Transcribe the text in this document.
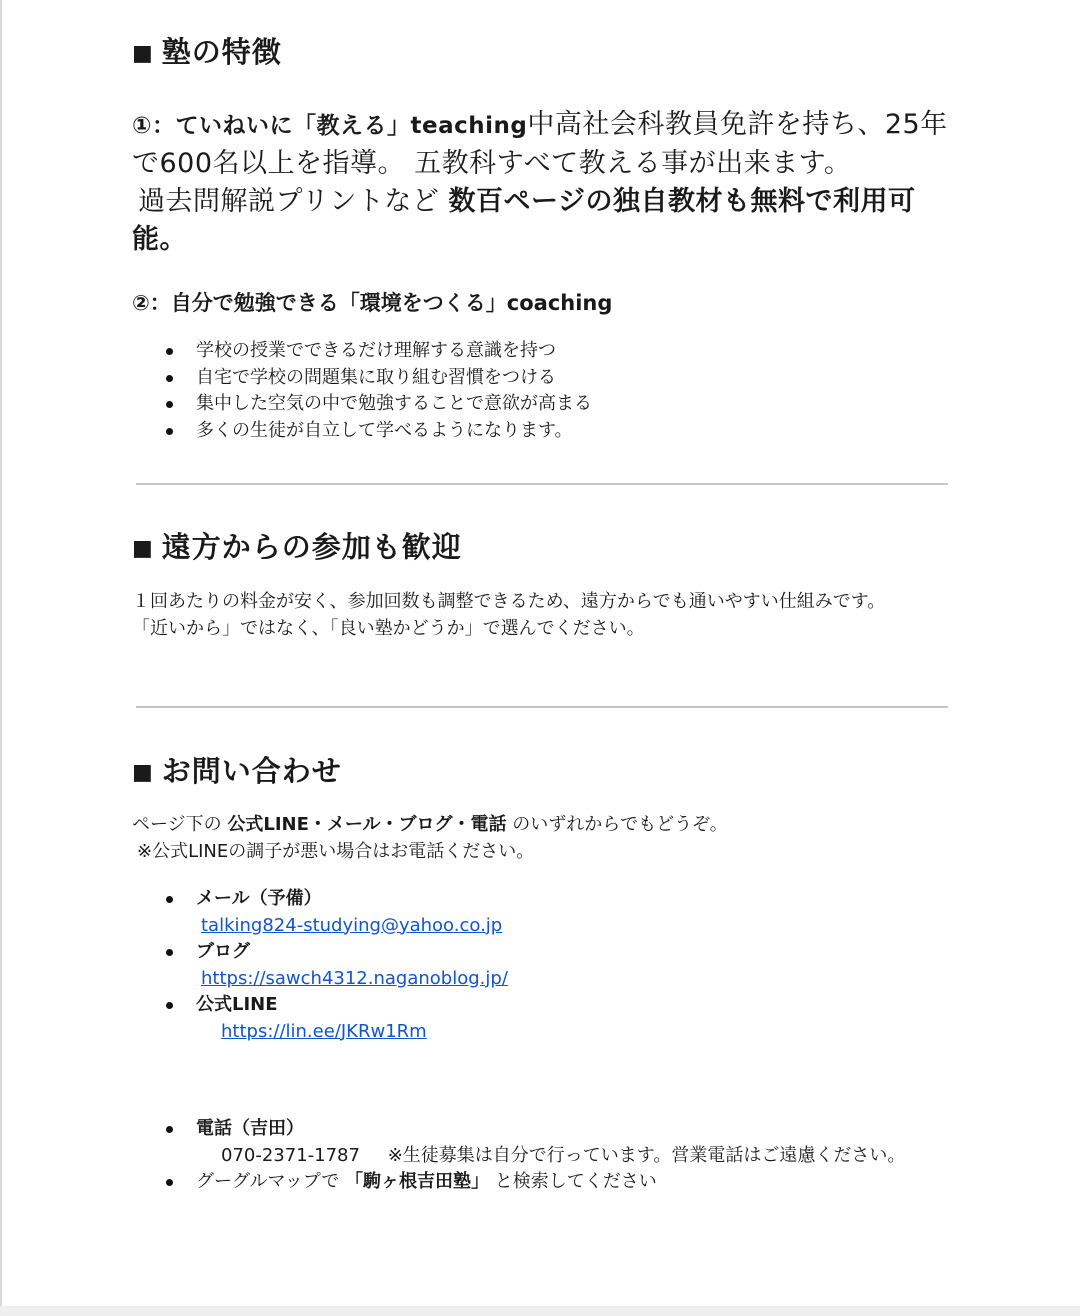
■ 塾の特徴

①：ていねいに「教える」teaching中高社会科教員免許を持ち、25年で600名以上を指導。 五教科すべて教える事が出来ます。
過去問解説プリントなど 数百ページの独自教材も無料で利用可能。

②：自分で勉強できる「環境をつくる」coaching

学校の授業でできるだけ理解する意識を持つ
自宅で学校の問題集に取り組む習慣をつける
集中した空気の中で勉強することで意欲が高まる
多くの生徒が自立して学べるようになります。
■ 遠方からの参加も歓迎

１回あたりの料金が安く、参加回数も調整できるため、遠方からでも通いやすい仕組みです。
「近いから」ではなく、「良い塾かどうか」で選んでください。

■ お問い合わせ

ページ下の 公式LINE・メール・ブログ・電話 のいずれからでもどうぞ。
※公式LINEの調子が悪い場合はお電話ください。

メール（予備）
talking824-studying@yahoo.co.jp
ブログ
https://sawch4312.naganoblog.jp/
公式LINE
https://lin.ee/JKRw1Rm
電話（吉田）
070-2371-1787 ※生徒募集は自分で行っています。営業電話はご遠慮ください。
グーグルマップで 「駒ヶ根吉田塾」 と検索してください
